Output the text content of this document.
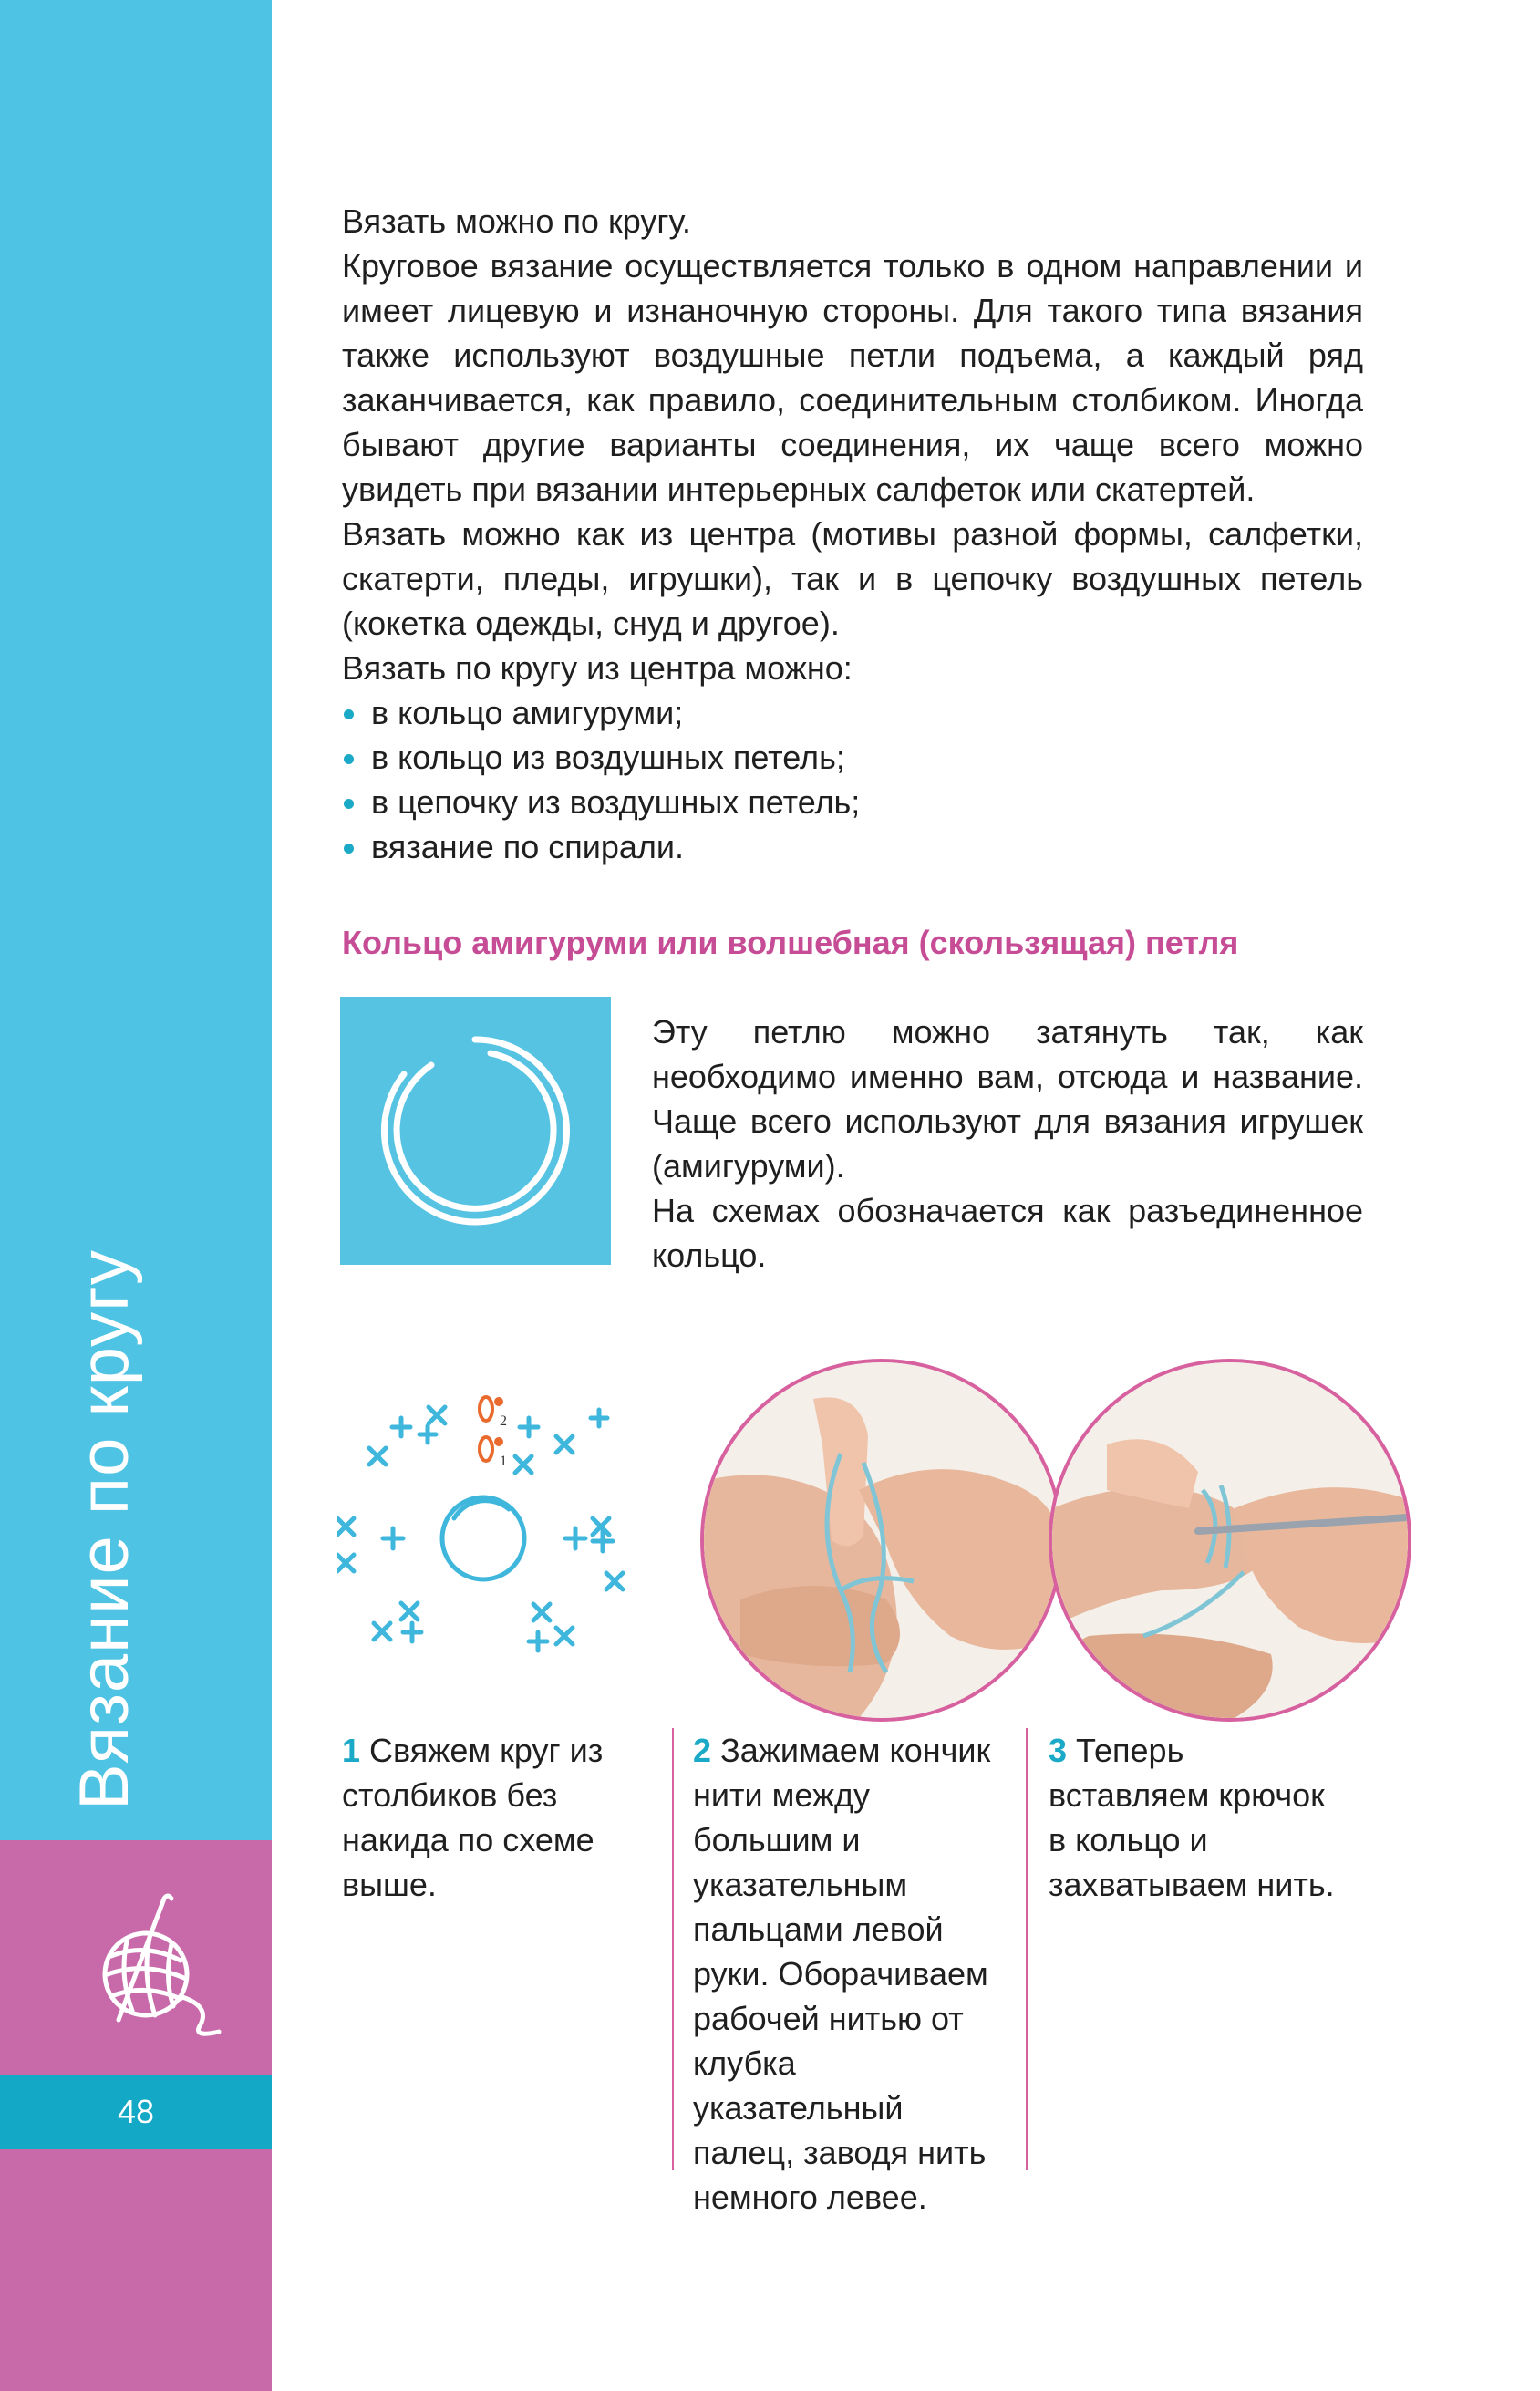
Вязание по кругу
48

Вязать можно по кругу.

Круговое вязание осуществляется только в одном направлении и имеет лицевую и изнаночную стороны. Для такого типа вязания также используют воздушные петли подъема, а каждый ряд заканчивается, как правило, соединительным столбиком. Иногда бывают другие варианты соединения, их чаще всего можно увидеть при вязании интерьерных салфеток или скатертей.

Вязать можно как из центра (мотивы разной формы, салфетки, скатерти, пледы, игрушки), так и в цепочку воздушных петель (кокетка одежды, снуд и другое).

Вязать по кругу из центра можно:

в кольцо амигуруми;
в кольцо из воздушных петель;
в цепочку из воздушных петель;
вязание по спирали.
Кольцо амигуруми или волшебная (скользящая) петля

Эту петлю можно затянуть так, как необходимо именно вам, отсюда и название. Чаще всего используют для вязания игрушек (амигуруми).

На схемах обозначается как разъединенное кольцо.

2
1
1 Свяжем круг из столбиков без накида по схеме выше.
2 Зажимаем кончик нити между большим и указательным пальцами левой руки. Оборачиваем рабочей нитью от клубка указательный палец, заводя нить немного левее.
3 Теперь вставляем крючок в кольцо и захватываем нить.
